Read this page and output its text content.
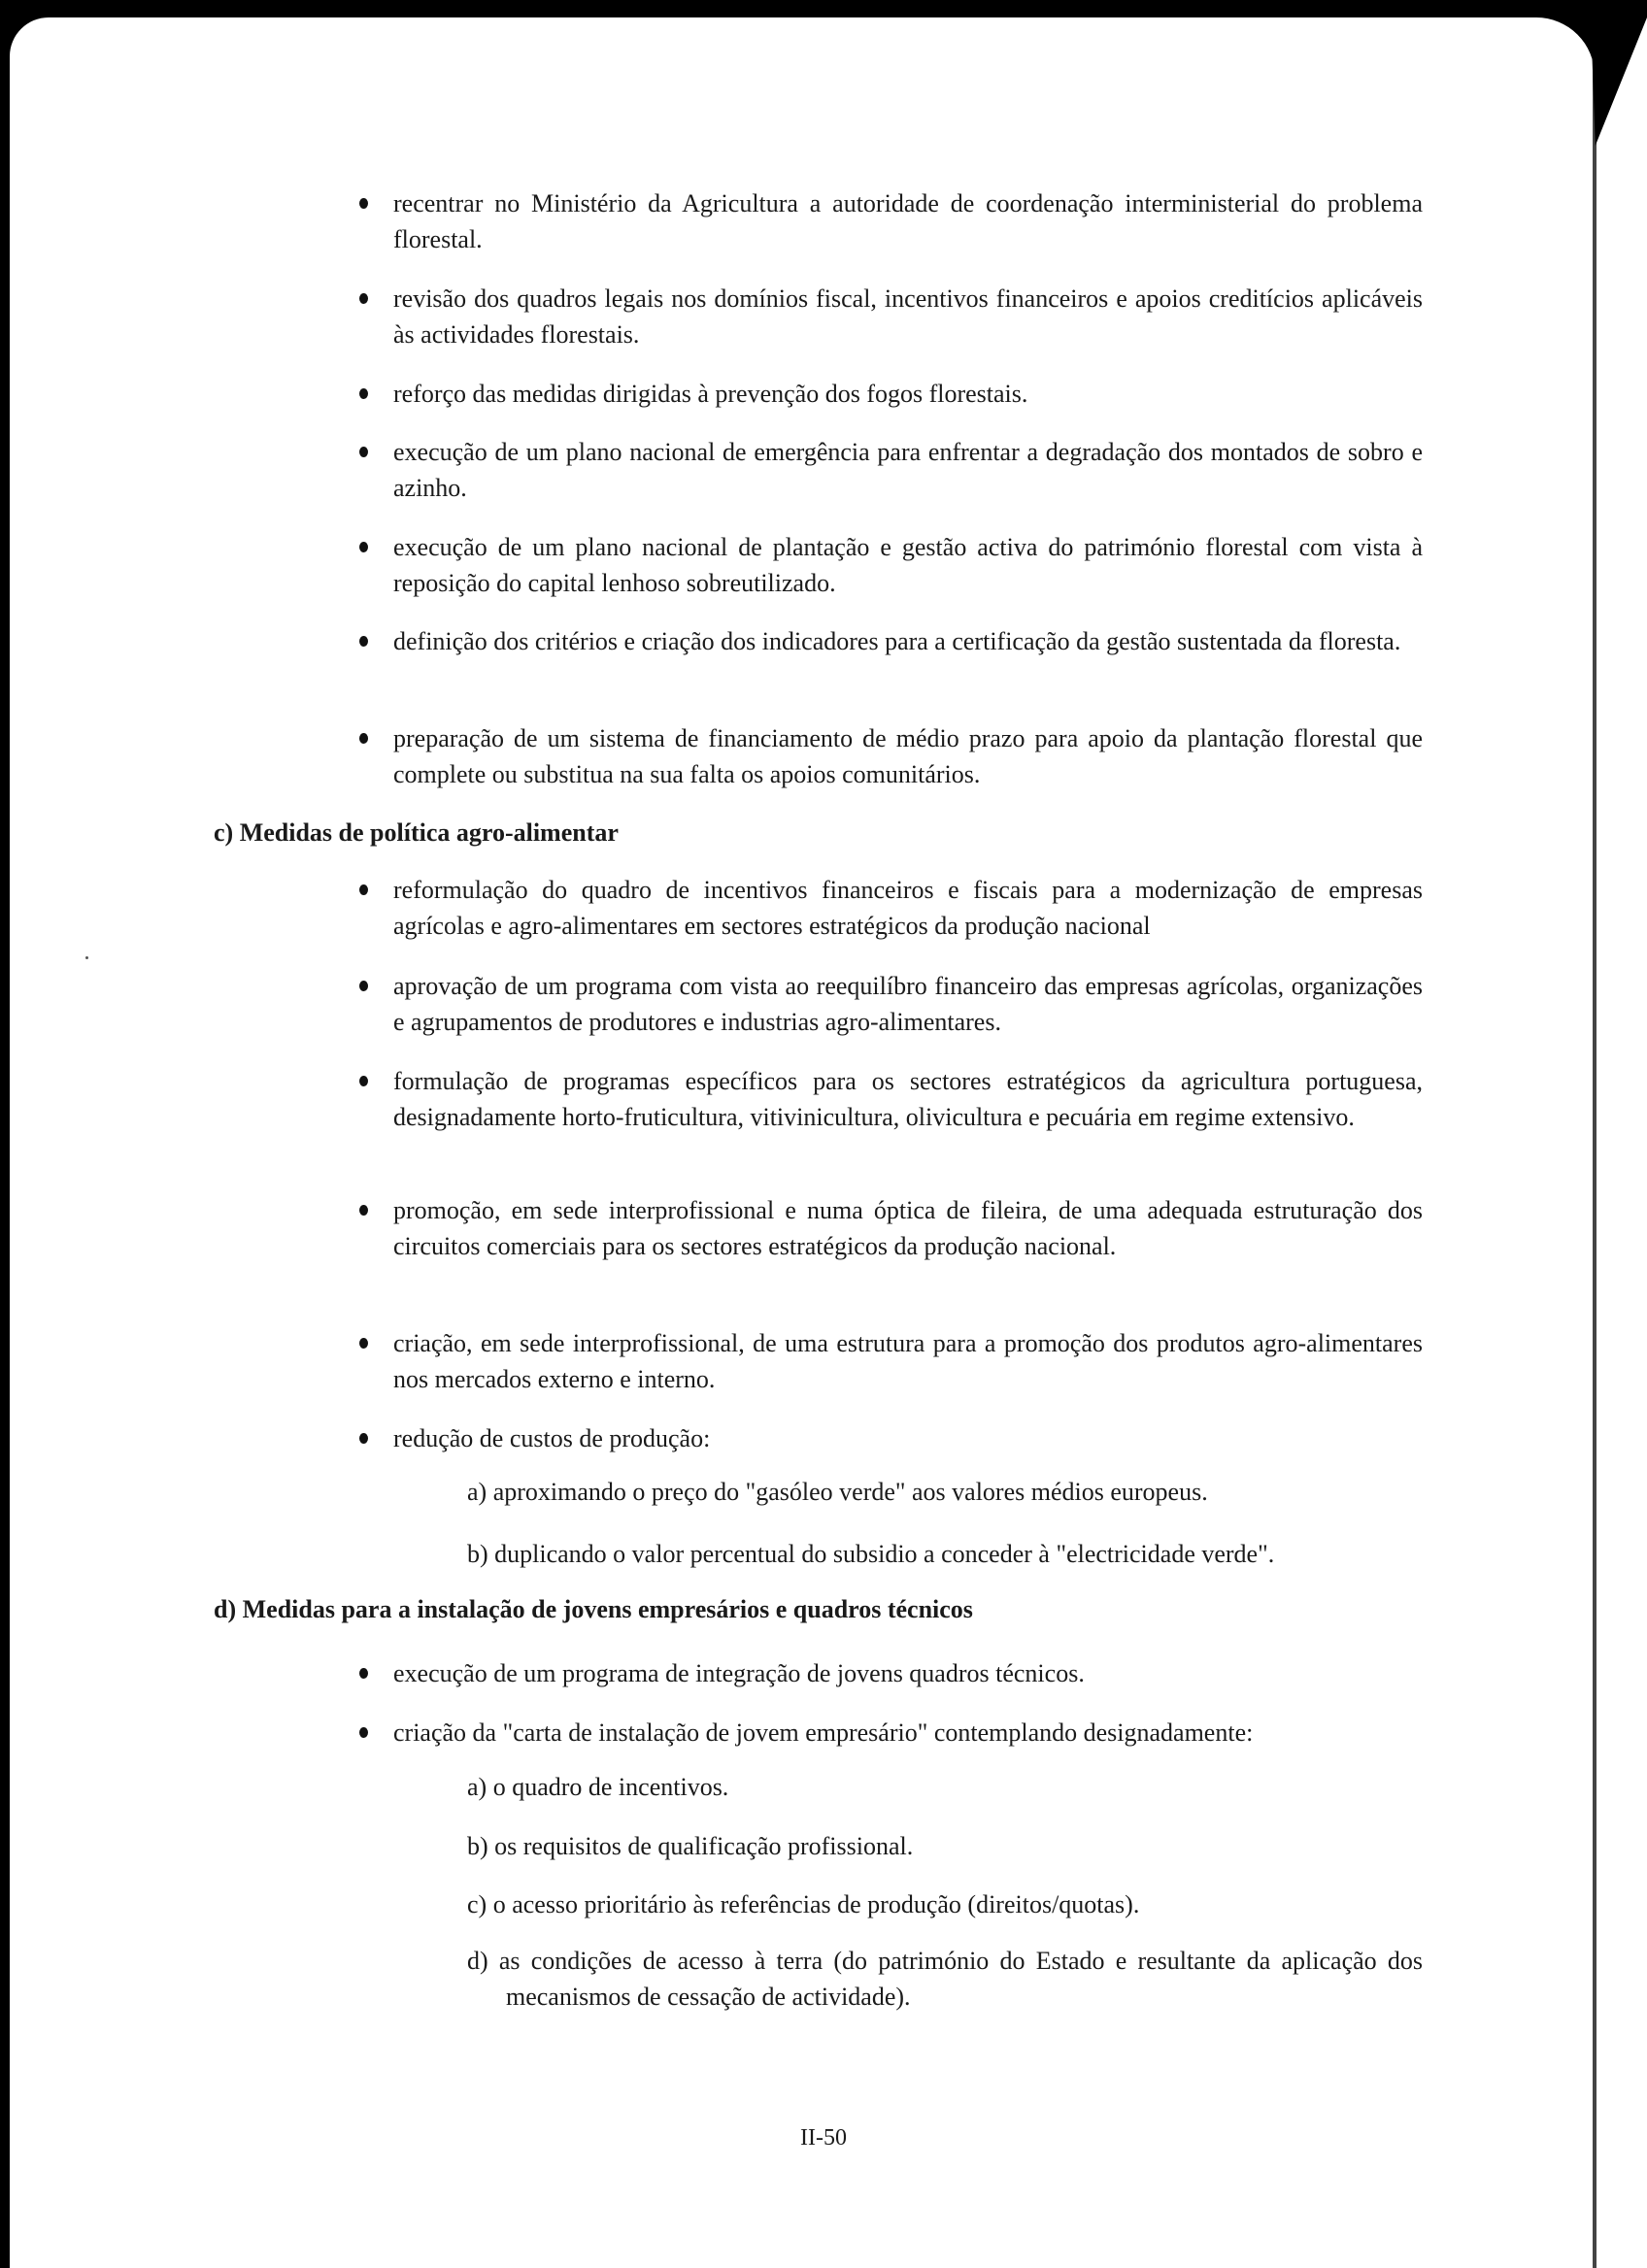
recentrar no Ministério da Agricultura a autoridade de coordenação interministerial do problema florestal.
revisão dos quadros legais nos domínios fiscal, incentivos financeiros e apoios creditícios aplicáveis às actividades florestais.
reforço das medidas dirigidas à prevenção dos fogos florestais.
execução de um plano nacional de emergência para enfrentar a degradação dos montados de sobro e azinho.
execução de um plano nacional de plantação e gestão activa do património florestal com vista à reposição do capital lenhoso sobreutilizado.
definição dos critérios e criação dos indicadores para a certificação da gestão sustentada da floresta.
preparação de um sistema de financiamento de médio prazo para apoio da plantação florestal que complete ou substitua na sua falta os apoios comunitários.
c) Medidas de política agro-alimentar
reformulação do quadro de incentivos financeiros e fiscais para a modernização de empresas agrícolas e agro-alimentares em sectores estratégicos da produção nacional
aprovação de um programa com vista ao reequilíbro financeiro das empresas agrícolas, organizações e agrupamentos de produtores e industrias agro-alimentares.
formulação de programas específicos para os sectores estratégicos da agricultura portuguesa, designadamente horto-fruticultura, vitivinicultura, olivicultura e pecuária em regime extensivo.
promoção, em sede interprofissional e numa óptica de fileira, de uma adequada estruturação dos circuitos comerciais para os sectores estratégicos da produção nacional.
criação, em sede interprofissional, de uma estrutura para a promoção dos produtos agro-alimentares nos mercados externo e interno.
redução de custos de produção:
a) aproximando o preço do "gasóleo verde" aos valores médios europeus.
b) duplicando o valor percentual do subsidio a conceder à "electricidade verde".
d) Medidas para a instalação de jovens empresários e quadros técnicos
execução de um programa de integração de jovens quadros técnicos.
criação da "carta de instalação de jovem empresário" contemplando designadamente:
a) o quadro de incentivos.
b) os requisitos de qualificação profissional.
c) o acesso prioritário às referências de produção (direitos/quotas).
d) as condições de acesso à terra (do património do Estado e resultante da aplicação dos mecanismos de cessação de actividade).
II-50
